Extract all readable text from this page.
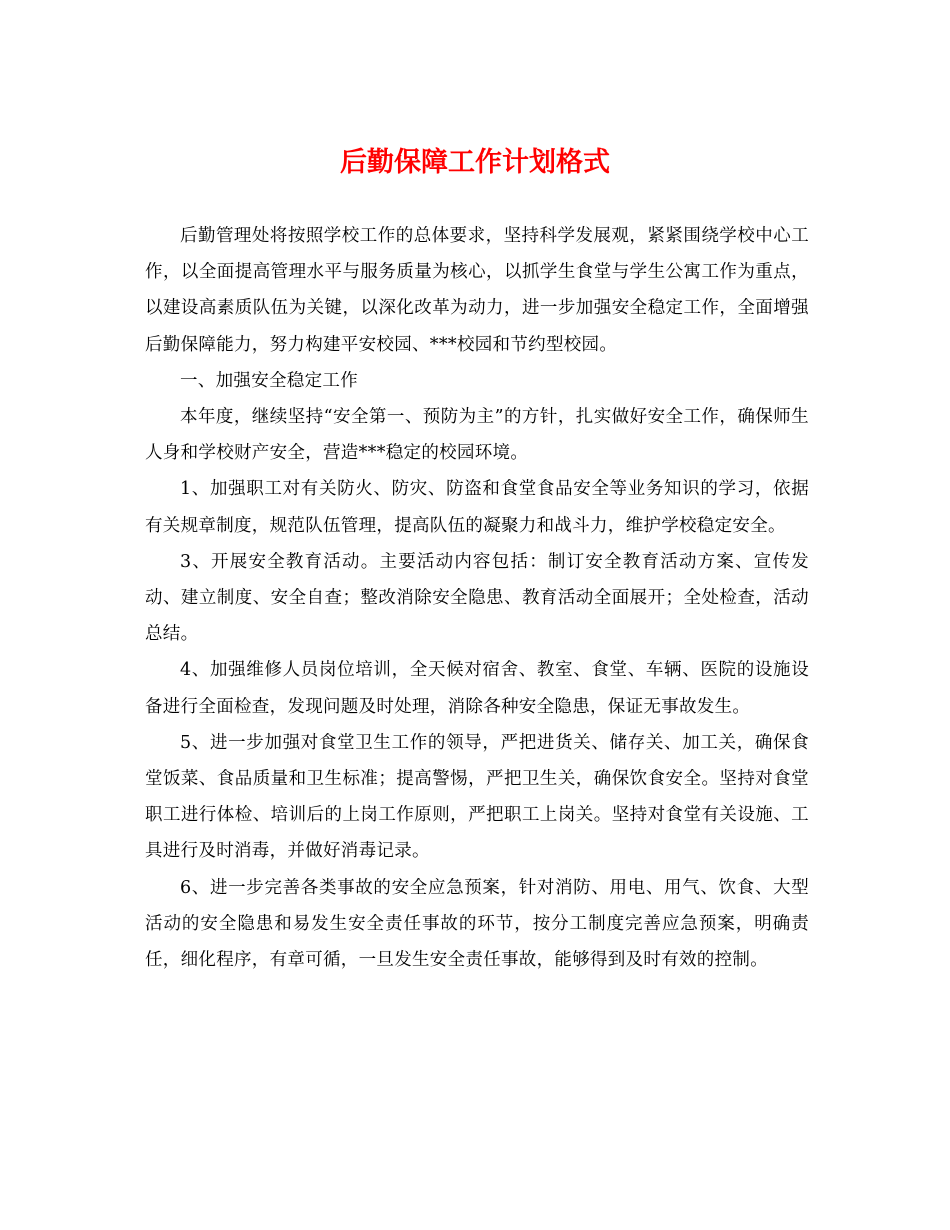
后勤保障工作计划格式

后勤管理处将按照学校工作的总体要求，坚持科学发展观，紧紧围绕学校中心工作，以全面提高管理水平与服务质量为核心，以抓学生食堂与学生公寓工作为重点，以建设高素质队伍为关键，以深化改革为动力，进一步加强安全稳定工作，全面增强后勤保障能力，努力构建平安校园、***校园和节约型校园。

一、加强安全稳定工作

本年度，继续坚持“安全第一、预防为主”的方针，扎实做好安全工作，确保师生人身和学校财产安全，营造***稳定的校园环境。

1、加强职工对有关防火、防灾、防盗和食堂食品安全等业务知识的学习，依据有关规章制度，规范队伍管理，提高队伍的凝聚力和战斗力，维护学校稳定安全。

3、开展安全教育活动。主要活动内容包括：制订安全教育活动方案、宣传发动、建立制度、安全自查；整改消除安全隐患、教育活动全面展开；全处检查，活动总结。

4、加强维修人员岗位培训，全天候对宿舍、教室、食堂、车辆、医院的设施设备进行全面检查，发现问题及时处理，消除各种安全隐患，保证无事故发生。

5、进一步加强对食堂卫生工作的领导，严把进货关、储存关、加工关，确保食堂饭菜、食品质量和卫生标准；提高警惕，严把卫生关，确保饮食安全。坚持对食堂职工进行体检、培训后的上岗工作原则，严把职工上岗关。坚持对食堂有关设施、工具进行及时消毒，并做好消毒记录。

6、进一步完善各类事故的安全应急预案，针对消防、用电、用气、饮食、大型活动的安全隐患和易发生安全责任事故的环节，按分工制度完善应急预案，明确责任，细化程序，有章可循，一旦发生安全责任事故，能够得到及时有效的控制。
